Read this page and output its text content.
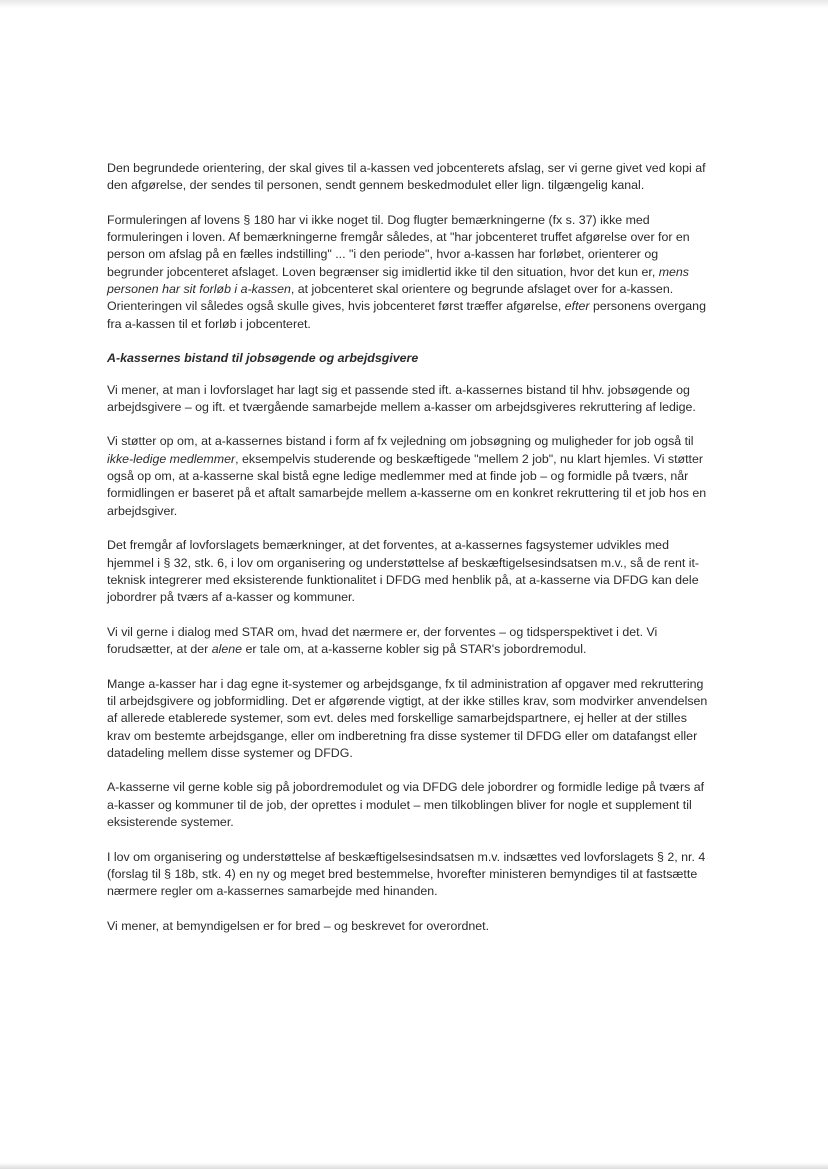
Den begrundede orientering, der skal gives til a-kassen ved jobcenterets afslag, ser vi gerne givet ved kopi af den afgørelse, der sendes til personen, sendt gennem beskedmodulet eller lign. tilgængelig kanal.

Formuleringen af lovens § 180 har vi ikke noget til. Dog flugter bemærkningerne (fx s. 37) ikke med formuleringen i loven. Af bemærkningerne fremgår således, at "har jobcenteret truffet afgørelse over for en person om afslag på en fælles indstilling" ... "i den periode", hvor a-kassen har forløbet, orienterer og begrunder jobcenteret afslaget. Loven begrænser sig imidlertid ikke til den situation, hvor det kun er, mens personen har sit forløb i a-kassen, at jobcenteret skal orientere og begrunde afslaget over for a-kassen. Orienteringen vil således også skulle gives, hvis jobcenteret først træffer afgørelse, efter personens overgang fra a-kassen til et forløb i jobcenteret.

A-kassernes bistand til jobsøgende og arbejdsgivere

Vi mener, at man i lovforslaget har lagt sig et passende sted ift. a-kassernes bistand til hhv. jobsøgende og arbejdsgivere – og ift. et tværgående samarbejde mellem a-kasser om arbejdsgiveres rekruttering af ledige.

Vi støtter op om, at a-kassernes bistand i form af fx vejledning om jobsøgning og muligheder for job også til ikke-ledige medlemmer, eksempelvis studerende og beskæftigede "mellem 2 job", nu klart hjemles. Vi støtter også op om, at a-kasserne skal bistå egne ledige medlemmer med at finde job – og formidle på tværs, når formidlingen er baseret på et aftalt samarbejde mellem a-kasserne om en konkret rekruttering til et job hos en arbejdsgiver.

Det fremgår af lovforslagets bemærkninger, at det forventes, at a-kassernes fagsystemer udvikles med hjemmel i § 32, stk. 6, i lov om organisering og understøttelse af beskæftigelsesindsatsen m.v., så de rent it-teknisk integrerer med eksisterende funktionalitet i DFDG med henblik på, at a-kasserne via DFDG kan dele jobordrer på tværs af a-kasser og kommuner.

Vi vil gerne i dialog med STAR om, hvad det nærmere er, der forventes – og tidsperspektivet i det. Vi forudsætter, at der alene er tale om, at a-kasserne kobler sig på STAR's jobordremodul.

Mange a-kasser har i dag egne it-systemer og arbejdsgange, fx til administration af opgaver med rekruttering til arbejdsgivere og jobformidling. Det er afgørende vigtigt, at der ikke stilles krav, som modvirker anvendelsen af allerede etablerede systemer, som evt. deles med forskellige samarbejdspartnere, ej heller at der stilles krav om bestemte arbejdsgange, eller om indberetning fra disse systemer til DFDG eller om datafangst eller datadeling mellem disse systemer og DFDG.

A-kasserne vil gerne koble sig på jobordremodulet og via DFDG dele jobordrer og formidle ledige på tværs af a-kasser og kommuner til de job, der oprettes i modulet – men tilkoblingen bliver for nogle et supplement til eksisterende systemer.

I lov om organisering og understøttelse af beskæftigelsesindsatsen m.v. indsættes ved lovforslagets § 2, nr. 4 (forslag til § 18b, stk. 4) en ny og meget bred bestemmelse, hvorefter ministeren bemyndiges til at fastsætte nærmere regler om a-kassernes samarbejde med hinanden.

Vi mener, at bemyndigelsen er for bred – og beskrevet for overordnet.
